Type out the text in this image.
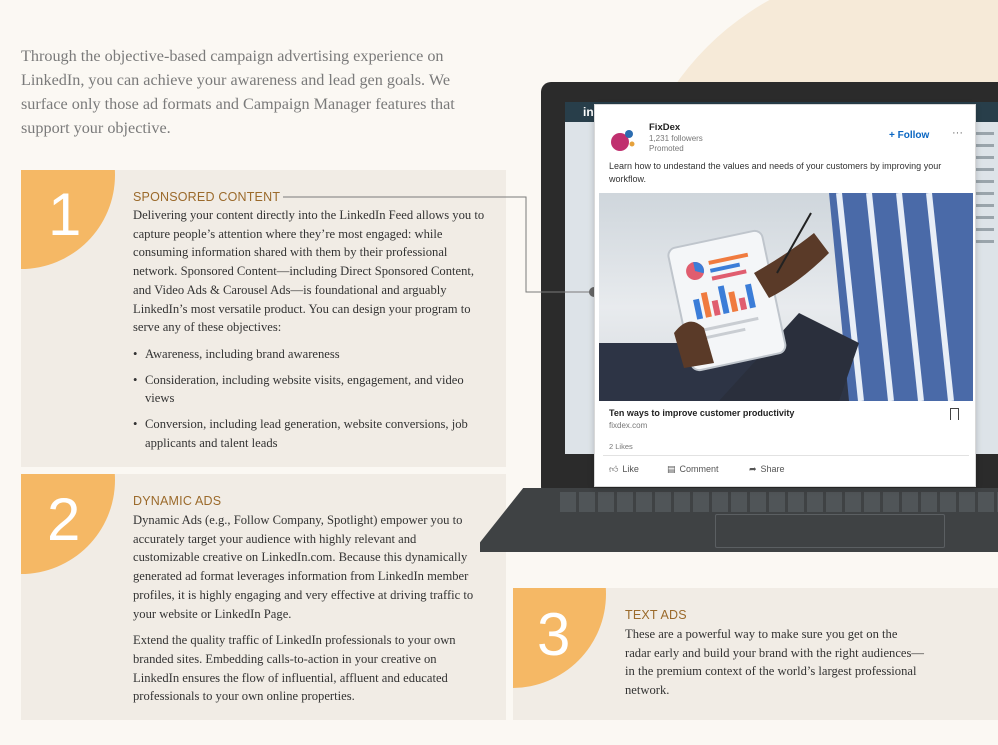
Through the objective-based campaign advertising experience on LinkedIn, you can achieve your awareness and lead gen goals. We surface only those ad formats and Campaign Manager features that support your objective.

1	SPONSORED CONTENT

Delivering your content directly into the LinkedIn Feed allows you to capture people’s attention where they’re most engaged: while consuming information shared with them by their professional network. Sponsored Content—including Direct Sponsored Content, and Video Ads & Carousel Ads—is foundational and arguably LinkedIn’s most versatile product. You can design your program to serve any of these objectives:

• Awareness, including brand awareness
• Consideration, including website visits, engagement, and video views
• Conversion, including lead generation, website conversions, job applicants and talent leads
2	DYNAMIC ADS

Dynamic Ads (e.g., Follow Company, Spotlight) empower you to accurately target your audience with highly relevant and customizable creative on LinkedIn.com. Because this dynamically generated ad format leverages information from LinkedIn member profiles, it is highly engaging and very effective at driving traffic to your website or LinkedIn Page.

Extend the quality traffic of LinkedIn professionals to your own branded sites. Embedding calls-to-action in your creative on LinkedIn ensures the flow of influential, affluent and educated professionals to your own online properties.

3	TEXT ADS

These are a powerful way to make sure you get on the radar early and build your brand with the right audiences—in the premium context of the world’s largest professional network.

in
FixDex
1,231 followers
Promoted
+ Follow ···
Learn how to undestand the values and needs of your customers by improving your workflow.
Ten ways to improve customer productivity
fixdex.com
2 Likes
👍︎ Like	▤ Comment	➦ Share
